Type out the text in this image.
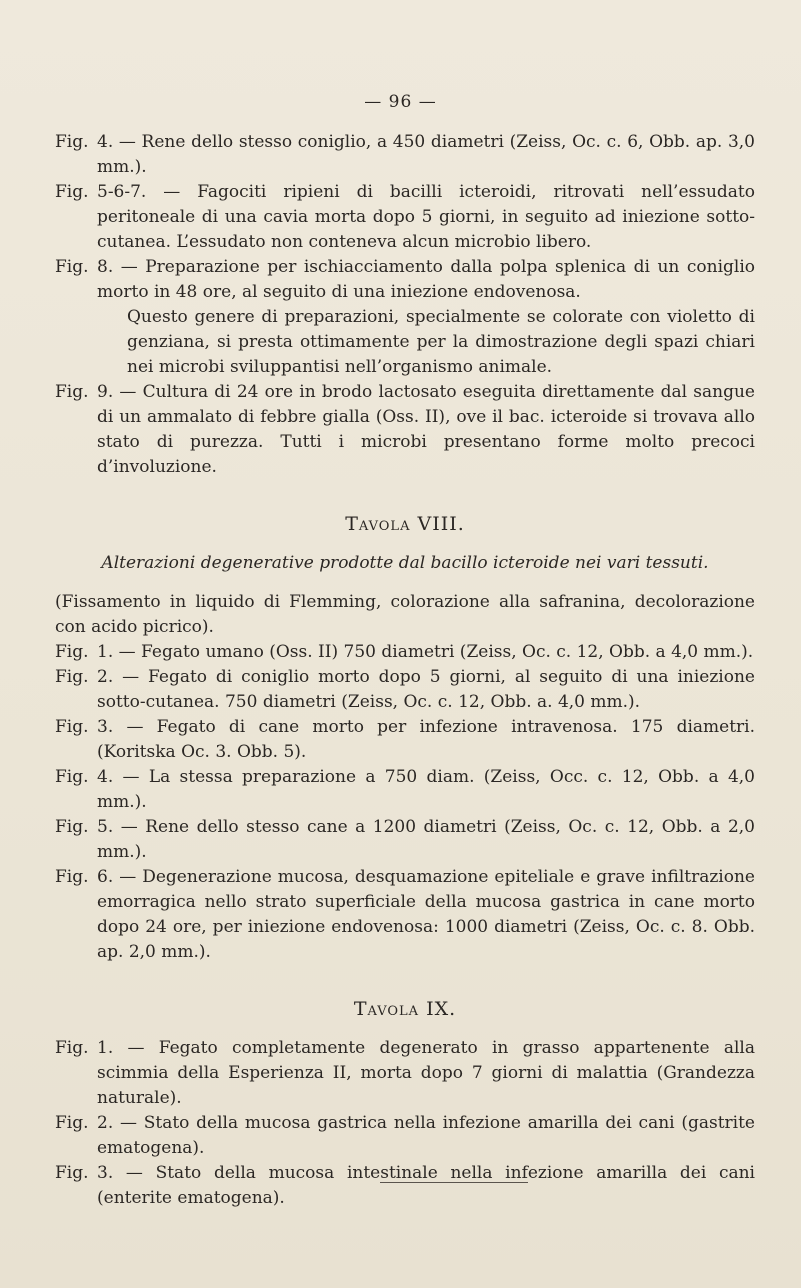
— 96 —
Fig. 4. — Rene dello stesso coniglio, a 450 diametri (Zeiss, Oc. c. 6, Obb. ap. 3,0 mm.).
Fig. 5-6-7. — Fagociti ripieni di bacilli icteroidi, ritrovati nell’essudato peritoneale di una cavia morta dopo 5 giorni, in seguito ad iniezione sotto-cutanea. L’essudato non conteneva alcun microbio libero.
Fig. 8. — Preparazione per ischiacciamento dalla polpa splenica di un coniglio morto in 48 ore, al seguito di una iniezione endovenosa.
Questo genere di preparazioni, specialmente se colorate con violetto di genziana, si presta ottimamente per la dimostrazione degli spazi chiari nei microbi sviluppantisi nell’organismo animale.
Fig. 9. — Cultura di 24 ore in brodo lactosato eseguita direttamente dal sangue di un ammalato di febbre gialla (Oss. II), ove il bac. icteroide si trovava allo stato di purezza. Tutti i microbi presentano forme molto precoci d’involuzione.
Tavola VIII.

Alterazioni degenerative prodotte dal bacillo icteroide nei vari tessuti.

(Fissamento in liquido di Flemming, colorazione alla safranina, decolorazione con acido picrico).

Fig. 1. — Fegato umano (Oss. II) 750 diametri (Zeiss, Oc. c. 12, Obb. a 4,0 mm.).
Fig. 2. — Fegato di coniglio morto dopo 5 giorni, al seguito di una iniezione sotto-cutanea. 750 diametri (Zeiss, Oc. c. 12, Obb. a. 4,0 mm.).
Fig. 3. — Fegato di cane morto per infezione intravenosa. 175 diametri. (Koritska Oc. 3. Obb. 5).
Fig. 4. — La stessa preparazione a 750 diam. (Zeiss, Occ. c. 12, Obb. a 4,0 mm.).
Fig. 5. — Rene dello stesso cane a 1200 diametri (Zeiss, Oc. c. 12, Obb. a 2,0 mm.).
Fig. 6. — Degenerazione mucosa, desquamazione epiteliale e grave infiltrazione emorragica nello strato superficiale della mucosa gastrica in cane morto dopo 24 ore, per iniezione endovenosa: 1000 diametri (Zeiss, Oc. c. 8. Obb. ap. 2,0 mm.).
Tavola IX.
Fig. 1. — Fegato completamente degenerato in grasso appartenente alla scimmia della Esperienza II, morta dopo 7 giorni di malattia (Grandezza naturale).
Fig. 2. — Stato della mucosa gastrica nella infezione amarilla dei cani (gastrite ematogena).
Fig. 3. — Stato della mucosa intestinale nella infezione amarilla dei cani (enterite ematogena).
